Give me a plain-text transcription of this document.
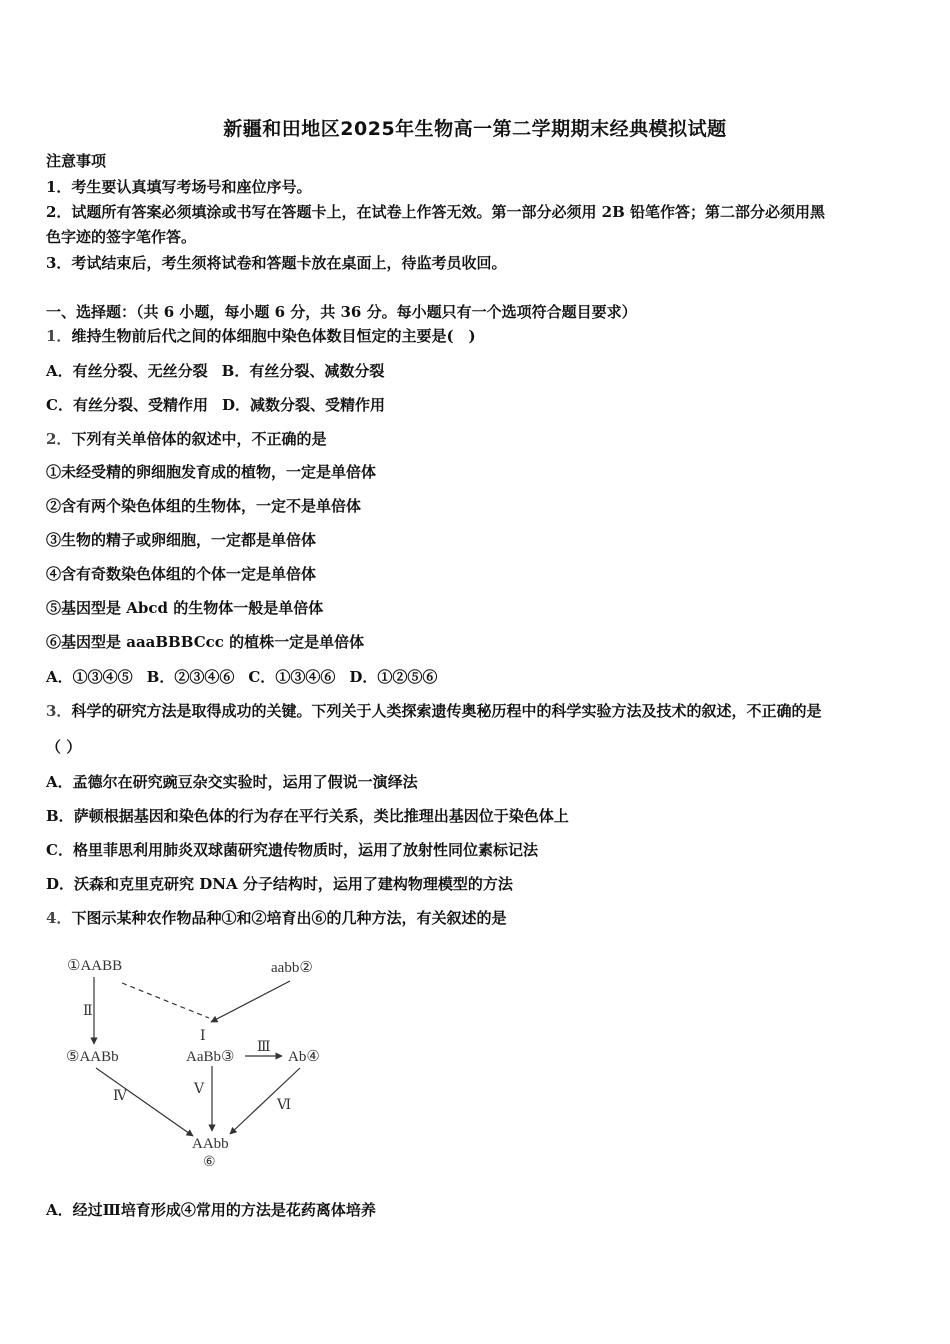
新疆和田地区2025年生物高一第二学期期末经典模拟试题
注意事项
1．考生要认真填写考场号和座位序号。
2．试题所有答案必须填涂或书写在答题卡上，在试卷上作答无效。第一部分必须用 2B 铅笔作答；第二部分必须用黑
色字迹的签字笔作答。
3．考试结束后，考生须将试卷和答题卡放在桌面上，待监考员收回。
一、选择题：（共 6 小题，每小题 6 分，共 36 分。每小题只有一个选项符合题目要求）
1．维持生物前后代之间的体细胞中染色体数目恒定的主要是(　)
A．有丝分裂、无丝分裂 B．有丝分裂、减数分裂
C．有丝分裂、受精作用 D．减数分裂、受精作用
2．下列有关单倍体的叙述中，不正确的是
①未经受精的卵细胞发育成的植物，一定是单倍体
②含有两个染色体组的生物体，一定不是单倍体
③生物的精子或卵细胞，一定都是单倍体
④含有奇数染色体组的个体一定是单倍体
⑤基因型是 Abcd 的生物体一般是单倍体
⑥基因型是 aaaBBBCcc 的植株一定是单倍体
A．①③④⑤ B．②③④⑥ C．①③④⑥ D．①②⑤⑥
3．科学的研究方法是取得成功的关键。下列关于人类探索遗传奥秘历程中的科学实验方法及技术的叙述，不正确的是
（ ）
A．孟德尔在研究豌豆杂交实验时，运用了假说一演绎法
B．萨顿根据基因和染色体的行为存在平行关系，类比推理出基因位于染色体上
C．格里菲思利用肺炎双球菌研究遗传物质时，运用了放射性同位素标记法
D．沃森和克里克研究 DNA 分子结构时，运用了建构物理模型的方法
4．下图示某种农作物品种①和②培育出⑥的几种方法，有关叙述的是
①AABB	aabb②
⑤AABb	AaBb③	Ab④
AAbb
⑥
Ⅱ
Ⅰ
Ⅲ
Ⅳ	Ⅴ
Ⅵ
A．经过Ⅲ培育形成④常用的方法是花药离体培养
